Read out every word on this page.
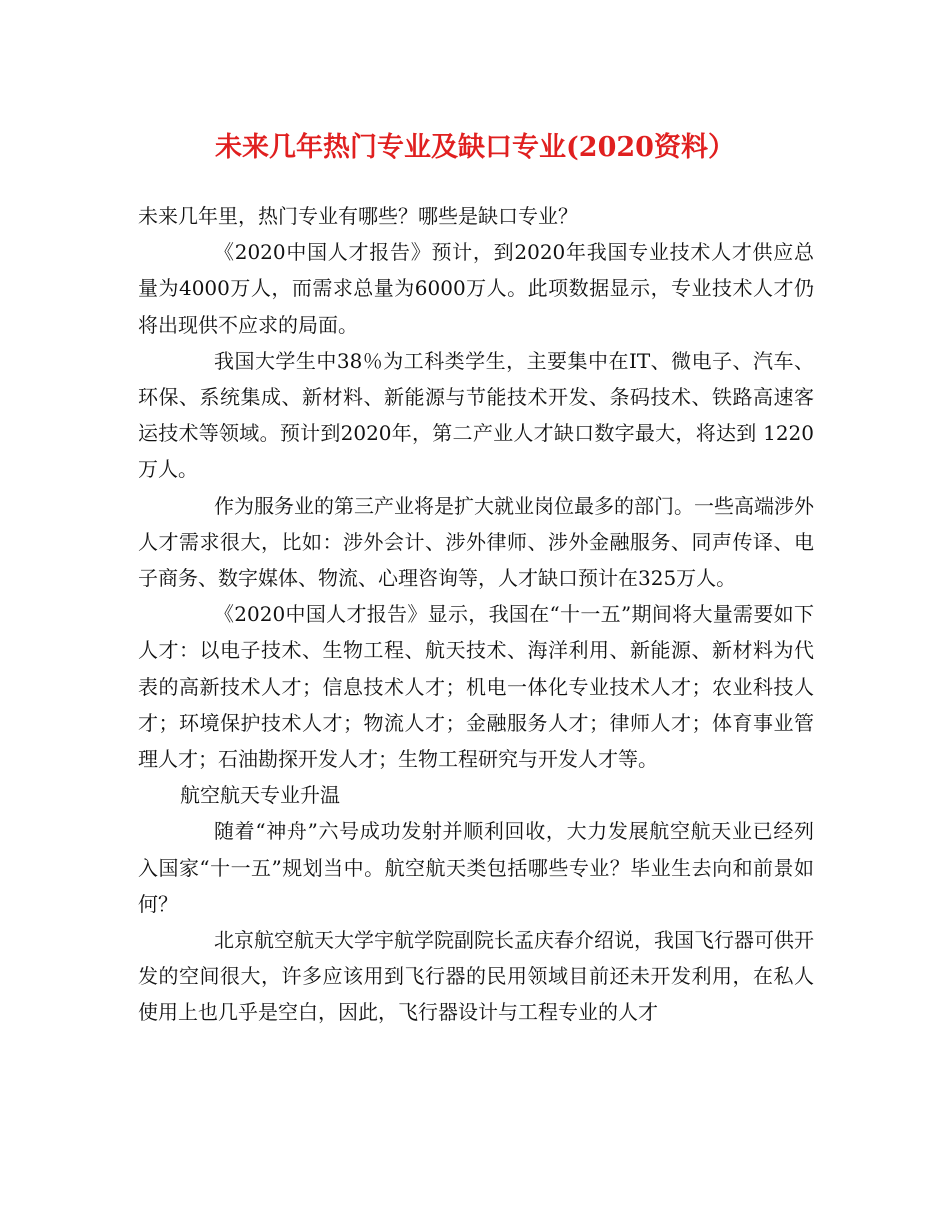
未来几年热门专业及缺口专业(2020资料）

未来几年里，热门专业有哪些？哪些是缺口专业？

《2020中国人才报告》预计，到2020年我国专业技术人才供应总量为4000万人，而需求总量为6000万人。此项数据显示，专业技术人才仍将出现供不应求的局面。

我国大学生中38％为工科类学生，主要集中在IT、微电子、汽车、环保、系统集成、新材料、新能源与节能技术开发、条码技术、铁路高速客运技术等领域。预计到2020年，第二产业人才缺口数字最大，将达到 1220万人。

作为服务业的第三产业将是扩大就业岗位最多的部门。一些高端涉外人才需求很大，比如：涉外会计、涉外律师、涉外金融服务、同声传译、电子商务、数字媒体、物流、心理咨询等，人才缺口预计在325万人。

《2020中国人才报告》显示，我国在“十一五”期间将大量需要如下人才：以电子技术、生物工程、航天技术、海洋利用、新能源、新材料为代表的高新技术人才；信息技术人才；机电一体化专业技术人才；农业科技人才；环境保护技术人才；物流人才；金融服务人才；律师人才；体育事业管理人才；石油勘探开发人才；生物工程研究与开发人才等。

航空航天专业升温

随着“神舟”六号成功发射并顺利回收，大力发展航空航天业已经列入国家“十一五”规划当中。航空航天类包括哪些专业？毕业生去向和前景如何？

北京航空航天大学宇航学院副院长孟庆春介绍说，我国飞行器可供开发的空间很大，许多应该用到飞行器的民用领域目前还未开发利用，在私人使用上也几乎是空白，因此，飞行器设计与工程专业的人才
